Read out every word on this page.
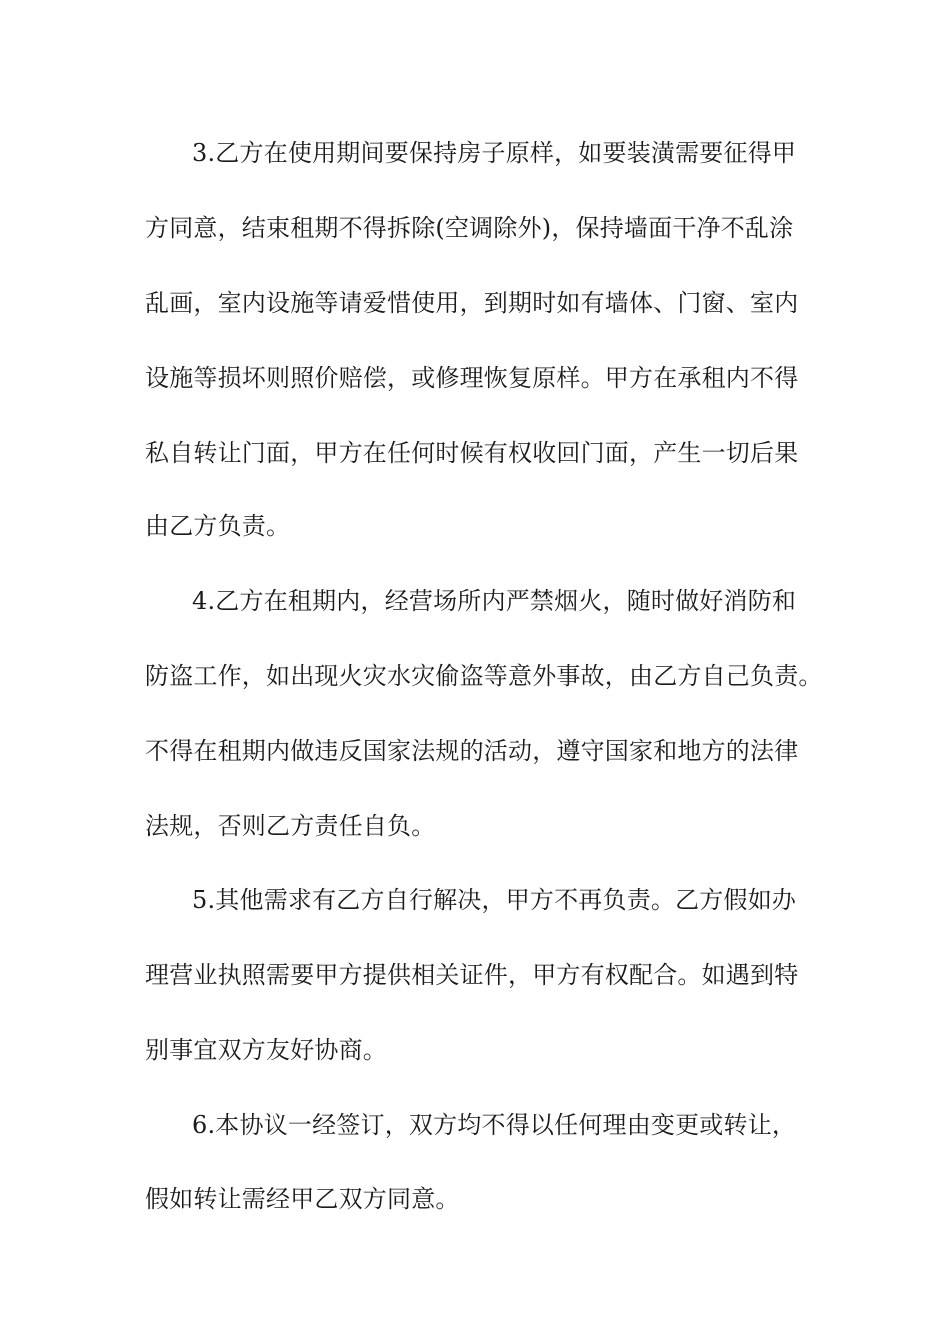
3.乙方在使用期间要保持房子原样，如要装潢需要征得甲

方同意，结束租期不得拆除(空调除外)，保持墙面干净不乱涂

乱画，室内设施等请爱惜使用，到期时如有墙体、门窗、室内

设施等损坏则照价赔偿，或修理恢复原样。甲方在承租内不得

私自转让门面，甲方在任何时候有权收回门面，产生一切后果

由乙方负责。

4.乙方在租期内，经营场所内严禁烟火，随时做好消防和

防盗工作，如出现火灾水灾偷盗等意外事故，由乙方自己负责。

不得在租期内做违反国家法规的活动，遵守国家和地方的法律

法规，否则乙方责任自负。

5.其他需求有乙方自行解决，甲方不再负责。乙方假如办

理营业执照需要甲方提供相关证件，甲方有权配合。如遇到特

别事宜双方友好协商。

6.本协议一经签订，双方均不得以任何理由变更或转让，

假如转让需经甲乙双方同意。
